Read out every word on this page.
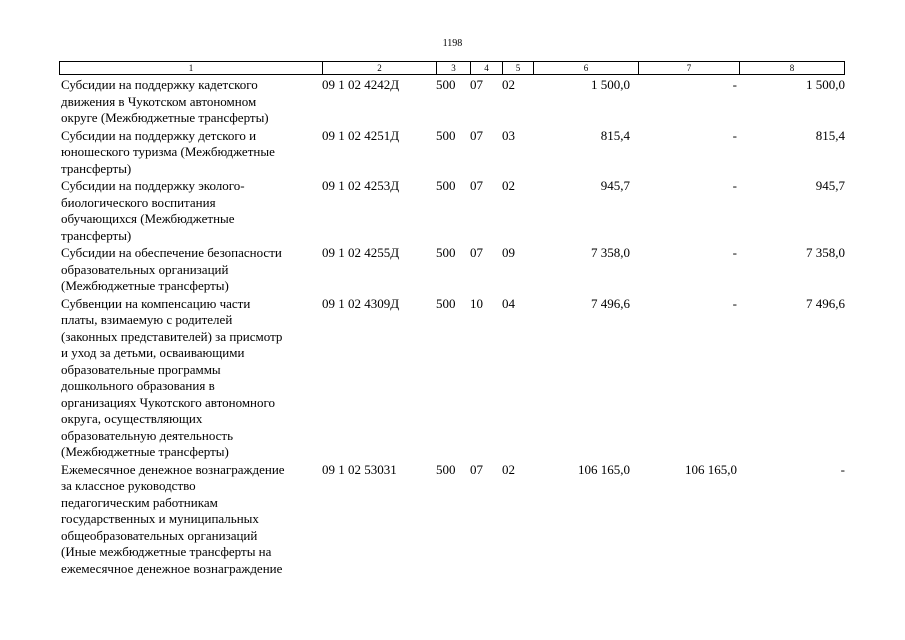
1198
1	2	3	4	5	6	7	8
Субсидии на поддержку кадетского
движения в Чукотском автономном
округе (Межбюджетные трансферты)
09 1 02 4242Д	500 07 02	1 500,0	-	1 500,0
Субсидии на поддержку детского и
юношеского туризма (Межбюджетные
трансферты)
09 1 02 4251Д	500 07 03	815,4	-	815,4
Субсидии на поддержку эколого-
биологического воспитания
обучающихся (Межбюджетные
трансферты)
09 1 02 4253Д	500 07 02	945,7	-	945,7
Субсидии на обеспечение безопасности
образовательных организаций
(Межбюджетные трансферты)
09 1 02 4255Д	500 07 09	7 358,0	-	7 358,0
Субвенции на компенсацию части
платы, взимаемую с родителей
(законных представителей) за присмотр
и уход за детьми, осваивающими
образовательные программы
дошкольного образования в
организациях Чукотского автономного
округа, осуществляющих
образовательную деятельность
(Межбюджетные трансферты)
09 1 02 4309Д	500 10 04	7 496,6	-	7 496,6
Ежемесячное денежное вознаграждение
за классное руководство
педагогическим работникам
государственных и муниципальных
общеобразовательных организаций
(Иные межбюджетные трансферты на
ежемесячное денежное вознаграждение
09 1 02 53031	500 07 02	106 165,0	106 165,0	-
